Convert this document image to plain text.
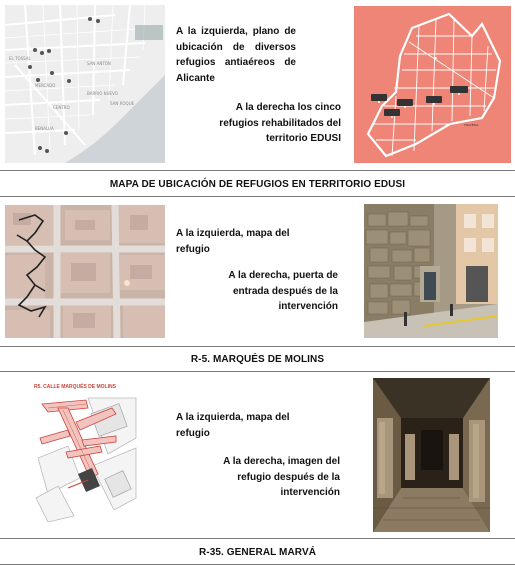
EL TOSSAL
MERCADO
SAN ANTON
CENTRO
BENALUA
BARRIO NUEVO
SAN ROQUE
A la izquierda, plano de ubicación de diversos refugios antiaéreos de Alicante
A la derecha los cinco
refugios rehabilitados del
territorio EDUSI
TRAVESIA
MAPA DE UBICACIÓN DE REFUGIOS EN TERRITORIO EDUSI
A la izquierda, mapa del refugio
A la derecha, puerta de
entrada después de la
intervención
R-5. MARQUÉS DE MOLINS
R5. CALLE MARQUÉS DE MOLINS
A la izquierda, mapa del refugio
A la derecha, imagen del
refugio después de la
intervención
R-35. GENERAL MARVÁ
